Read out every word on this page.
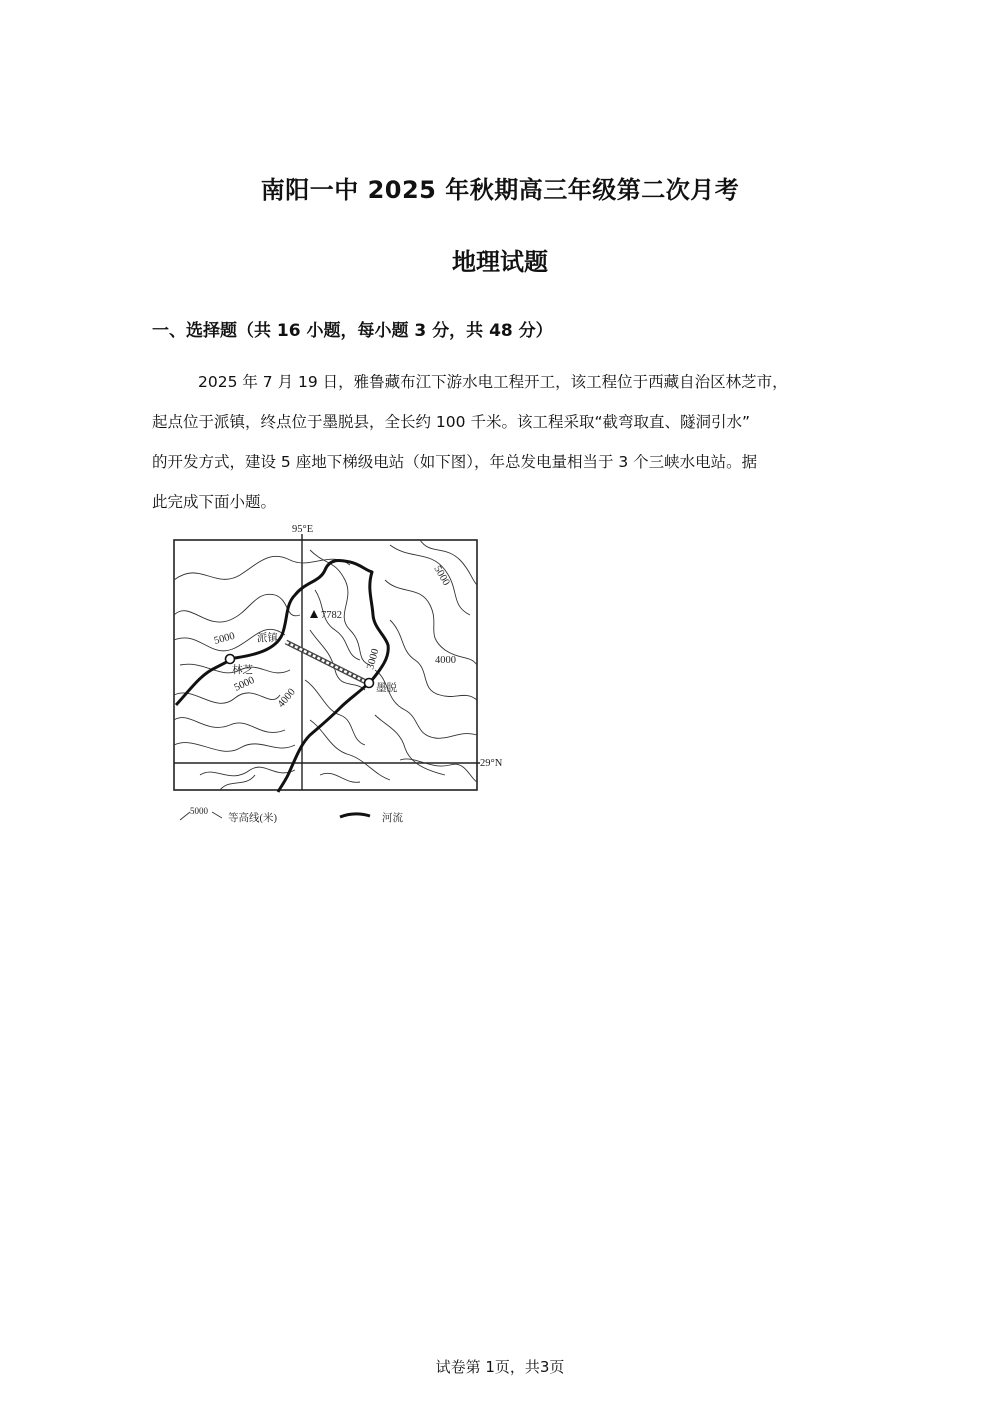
南阳一中 2025 年秋期高三年级第二次月考
地理试题
一、选择题（共 16 小题，每小题 3 分，共 48 分）
2025 年 7 月 19 日，雅鲁藏布江下游水电工程开工，该工程位于西藏自治区林芝市，
起点位于派镇，终点位于墨脱县，全长约 100 千米。该工程采取“截弯取直、隧洞引水”
的开发方式，建设 5 座地下梯级电站（如下图），年总发电量相当于 3 个三峡水电站。据
此完成下面小题。
95°E
29°N
7782
林芝
派镇
墨脱
5000
5000
4000
3000	4000
5000
5000
等高线(米)	河流
试卷第 1页，共3页
